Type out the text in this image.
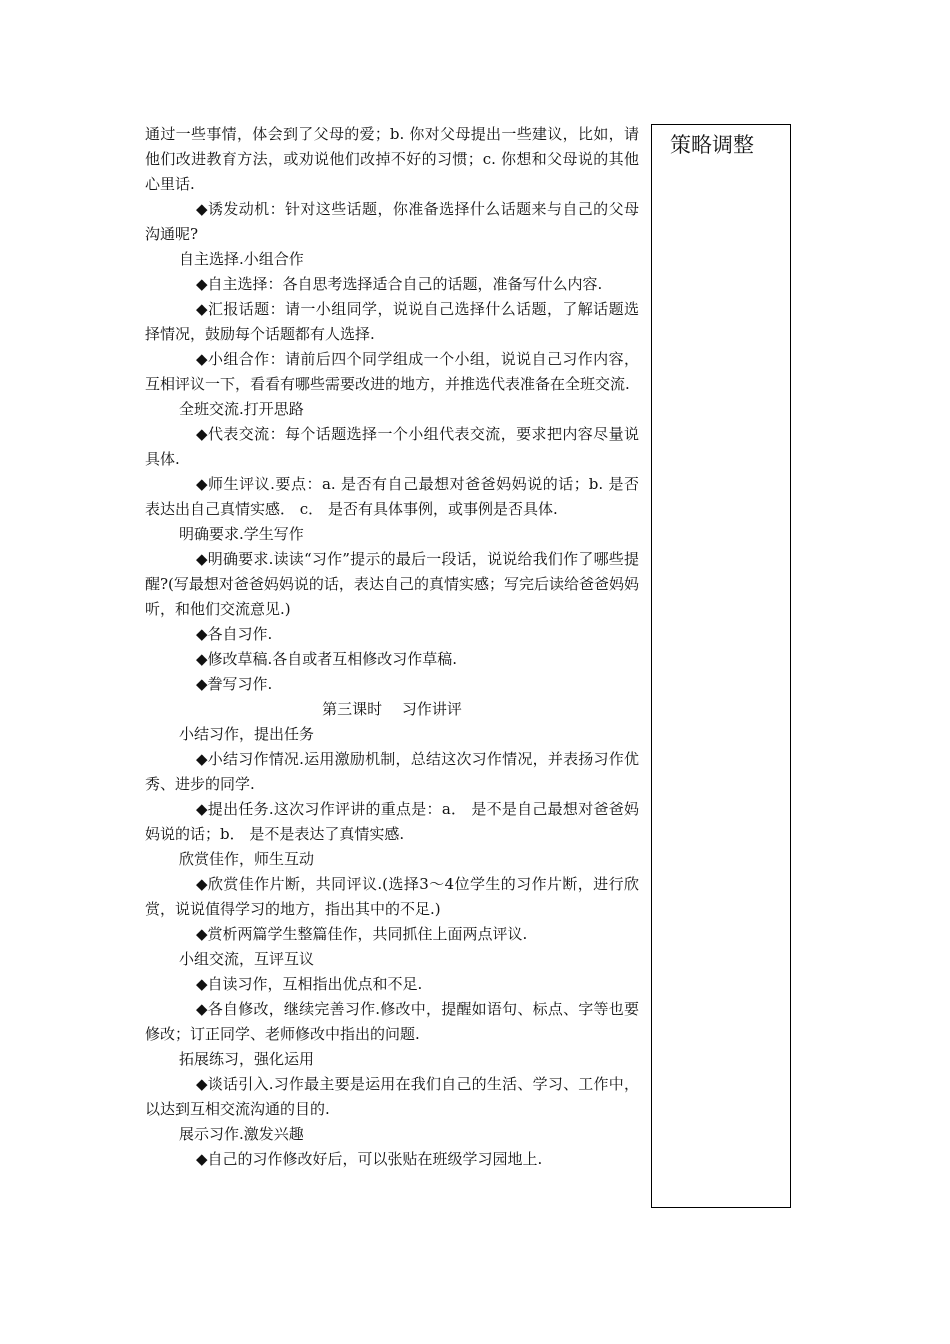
通过一些事情，体会到了父母的爱；b. 你对父母提出一些建议，比如，请他们改进教育方法，或劝说他们改掉不好的习惯；c. 你想和父母说的其他心里话.

◆诱发动机：针对这些话题，你准备选择什么话题来与自己的父母沟通呢?

自主选择.小组合作

◆自主选择：各自思考选择适合自己的话题，准备写什么内容.

◆汇报话题：请一小组同学，说说自己选择什么话题，了解话题选择情况，鼓励每个话题都有人选择.

◆小组合作：请前后四个同学组成一个小组，说说自己习作内容，互相评议一下，看看有哪些需要改进的地方，并推选代表准备在全班交流.

全班交流.打开思路

◆代表交流：每个话题选择一个小组代表交流，要求把内容尽量说具体.

◆师生评议.要点：a. 是否有自己最想对爸爸妈妈说的话；b. 是否表达出自己真情实感． c． 是否有具体事例，或事例是否具体.

明确要求.学生写作

◆明确要求.读读“习作”提示的最后一段话，说说给我们作了哪些提醒?(写最想对爸爸妈妈说的话，表达自己的真情实感；写完后读给爸爸妈妈听，和他们交流意见.)

◆各自习作.

◆修改草稿.各自或者互相修改习作草稿.

◆誊写习作.

第三课时　 习作讲评

小结习作，提出任务

◆小结习作情况.运用激励机制，总结这次习作情况，并表扬习作优秀、进步的同学.

◆提出任务.这次习作评讲的重点是：a． 是不是自己最想对爸爸妈妈说的话；b． 是不是表达了真情实感.

欣赏佳作，师生互动

◆欣赏佳作片断，共同评议.(选择3～4位学生的习作片断，进行欣赏，说说值得学习的地方，指出其中的不足.)

◆赏析两篇学生整篇佳作，共同抓住上面两点评议.

小组交流，互评互议

◆自读习作，互相指出优点和不足.

◆各自修改，继续完善习作.修改中，提醒如语句、标点、字等也要修改；订正同学、老师修改中指出的问题.

拓展练习，强化运用

◆谈话引入.习作最主要是运用在我们自己的生活、学习、工作中，以达到互相交流沟通的目的.

展示习作.激发兴趣

◆自己的习作修改好后，可以张贴在班级学习园地上.

策略调整
